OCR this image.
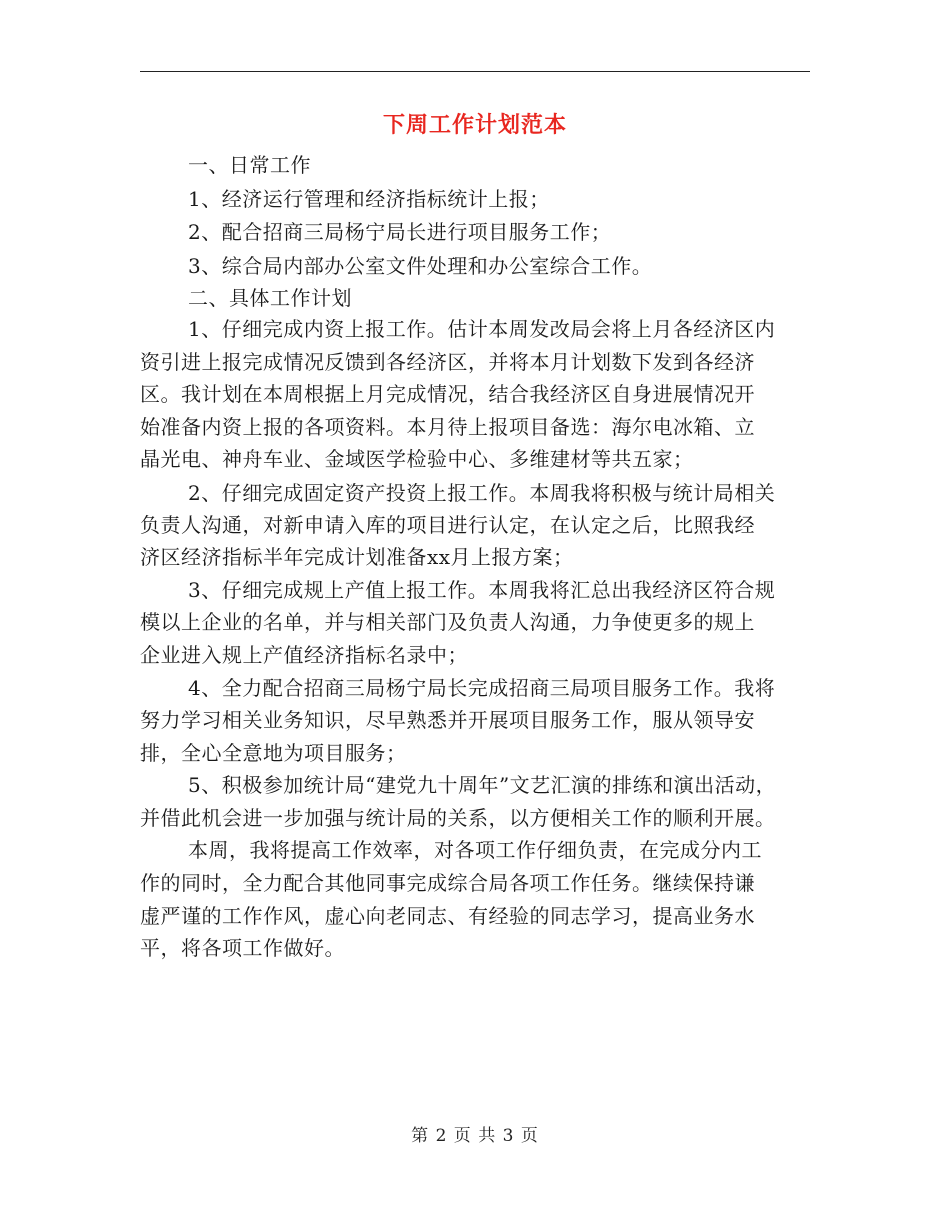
下周工作计划范本

一、日常工作

1、经济运行管理和经济指标统计上报；

2、配合招商三局杨宁局长进行项目服务工作；

3、综合局内部办公室文件处理和办公室综合工作。

二、具体工作计划

1、仔细完成内资上报工作。估计本周发改局会将上月各经济区内

资引进上报完成情况反馈到各经济区，并将本月计划数下发到各经济

区。我计划在本周根据上月完成情况，结合我经济区自身进展情况开

始准备内资上报的各项资料。本月待上报项目备选：海尔电冰箱、立

晶光电、神舟车业、金域医学检验中心、多维建材等共五家；

2、仔细完成固定资产投资上报工作。本周我将积极与统计局相关

负责人沟通，对新申请入库的项目进行认定，在认定之后，比照我经

济区经济指标半年完成计划准备xx月上报方案；

3、仔细完成规上产值上报工作。本周我将汇总出我经济区符合规

模以上企业的名单，并与相关部门及负责人沟通，力争使更多的规上

企业进入规上产值经济指标名录中；

4、全力配合招商三局杨宁局长完成招商三局项目服务工作。我将

努力学习相关业务知识，尽早熟悉并开展项目服务工作，服从领导安

排，全心全意地为项目服务；

5、积极参加统计局“建党九十周年”文艺汇演的排练和演出活动，

并借此机会进一步加强与统计局的关系，以方便相关工作的顺利开展。

本周，我将提高工作效率，对各项工作仔细负责，在完成分内工

作的同时，全力配合其他同事完成综合局各项工作任务。继续保持谦

虚严谨的工作作风，虚心向老同志、有经验的同志学习，提高业务水

平，将各项工作做好。

第 2 页 共 3 页
